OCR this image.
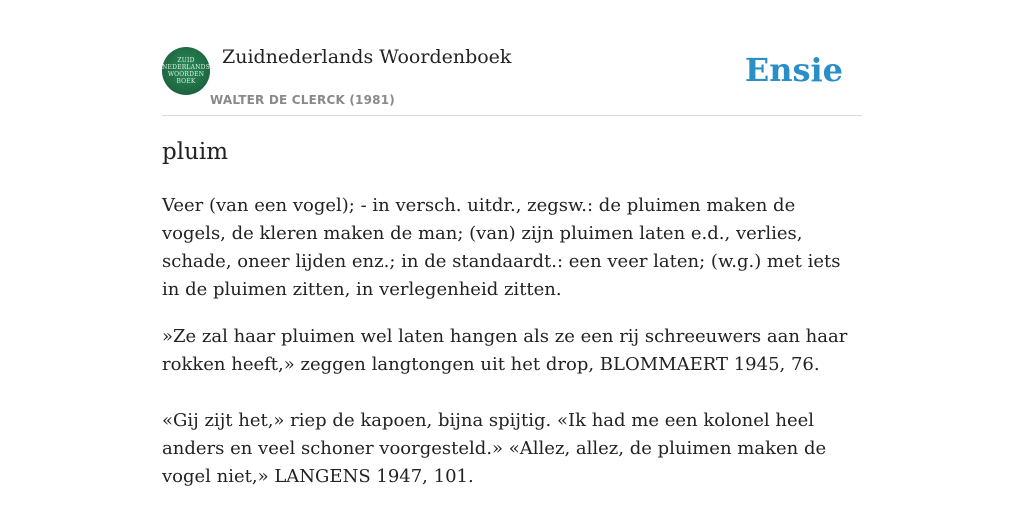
ZUID
NEDERLANDS
WOORDEN
BOEK
Zuidnederlands Woordenboek
WALTER DE CLERCK (1981)
Ensie
pluim

Veer (van een vogel); - in versch. uitdr., zegsw.: de pluimen maken de vogels, de kleren maken de man; (van) zijn pluimen laten e.d., verlies, schade, oneer lijden enz.; in de standaardt.: een veer laten; (w.g.) met iets in de pluimen zitten, in verlegenheid zitten.

»Ze zal haar pluimen wel laten hangen als ze een rij schreeuwers aan haar rokken heeft,» zeggen langtongen uit het drop, BLOMMAERT 1945, 76.

«Gij zijt het,» riep de kapoen, bijna spijtig. «Ik had me een kolonel heel anders en veel schoner voorgesteld.» «Allez, allez, de pluimen maken de vogel niet,» LANGENS 1947, 101.
